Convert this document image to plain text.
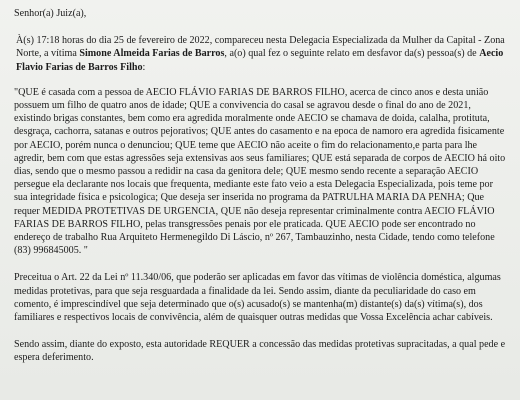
Senhor(a) Juiz(a),

À(s) 17:18 horas do dia 25 de fevereiro de 2022, compareceu nesta Delegacia Especializada da Mulher da Capital - Zona Norte, a vítima Simone Almeida Farias de Barros, a(o) qual fez o seguinte relato em desfavor da(s) pessoa(s) de Aecio Flavio Farias de Barros Filho:

"QUE é casada com a pessoa de AECIO FLÁVIO FARIAS DE BARROS FILHO, acerca de cinco anos e desta união possuem um filho de quatro anos de idade; QUE a convivencia do casal se agravou desde o final do ano de 2021, existindo brigas constantes, bem como era agredida moralmente onde AECIO se chamava de doida, calalha, protituta, desgraça, cachorra, satanas e outros pejorativos; QUE antes do casamento e na epoca de namoro era agredida fisicamente por AECIO, porém nunca o denunciou; QUE teme que AECIO não aceite o fim do relacionamento,e parta para lhe agredir, bem com que estas agressões seja extensivas aos seus familiares; QUE está separada de corpos de AECIO há oito dias, sendo que o mesmo passou a redidir na casa da genitora dele; QUE mesmo sendo recente a separação AECIO persegue ela declarante nos locais que frequenta, mediante este fato veio a esta Delegacia Especializada, pois teme por sua integridade física e psicologica; Que deseja ser inserida no programa da PATRULHA MARIA DA PENHA; Que requer MEDIDA PROTETIVAS DE URGENCIA, QUE não deseja representar criminalmente contra AECIO FLÁVIO FARIAS DE BARROS FILHO, pelas transgressões penais por ele praticada. QUE AECIO pode ser encontrado no endereço de trabalho Rua Arquiteto Hermenegildo Di Láscio, nº 267, Tambauzinho, nesta Cidade, tendo como telefone (83) 996845005. "

Preceitua o Art. 22 da Lei nº 11.340/06, que poderão ser aplicadas em favor das vítimas de violência doméstica, algumas medidas protetivas, para que seja resguardada a finalidade da lei. Sendo assim, diante da peculiaridade do caso em comento, é imprescindível que seja determinado que o(s) acusado(s) se mantenha(m) distante(s) da(s) vítima(s), dos familiares e respectivos locais de convivência, além de quaisquer outras medidas que Vossa Excelência achar cabíveis.

Sendo assim, diante do exposto, esta autoridade REQUER a concessão das medidas protetivas supracitadas, a qual pede e espera deferimento.
